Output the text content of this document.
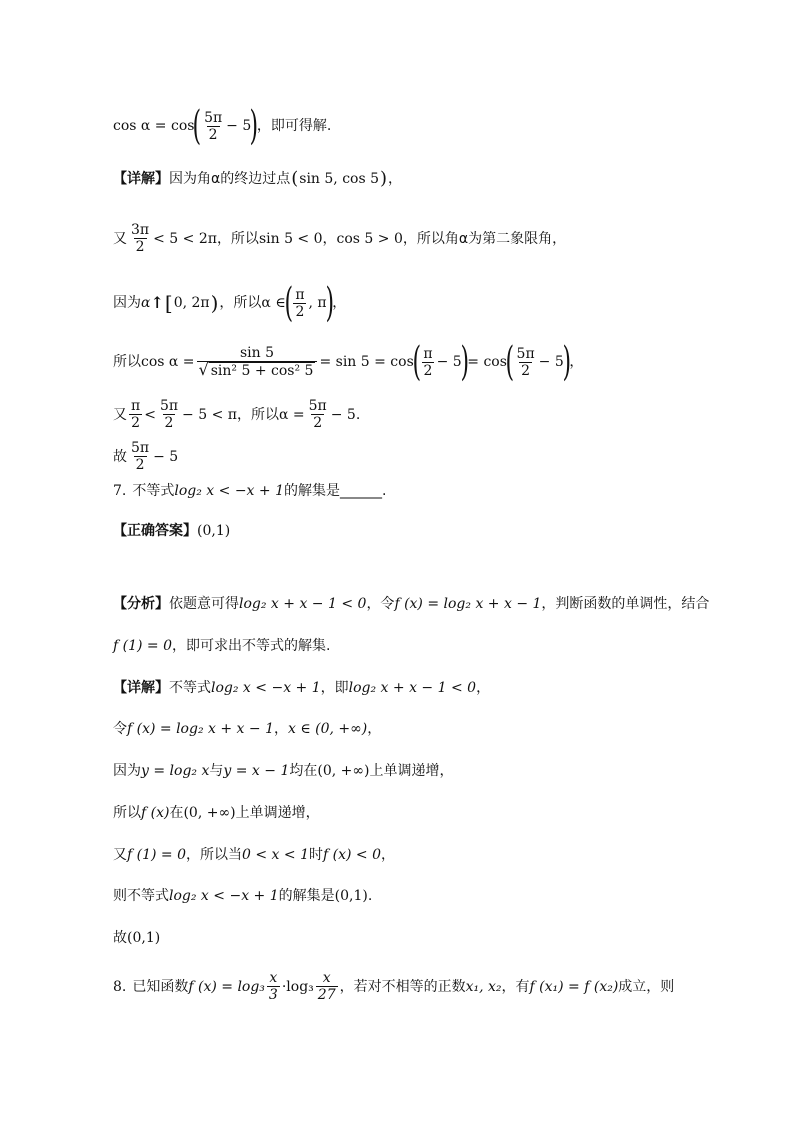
cos α = cos
( $\frac{5\pi}{2} - 5$
)
，即可得解.
【详解】 因为角α的终边过点 ( sin 5, cos 5 ) ，
又 $\frac{3\pi}{2} < 5 < 2\pi$ ，所以 sin 5 < 0 ， cos 5 > 0 ，所以角α为第二象限角，
因为 α ↑ [ 0, 2π ) ，所以 α ∈
( $\frac{\pi}{2}$ , π
)
，
所以 $\cos \alpha = \frac{\sin 5}{\text{√ sin² 5 + cos² 5}} = \sin 5 = \cos$
( $\frac{\pi}{2} - 5$
)
= cos
( $\frac{5\pi}{2} - 5$
)
，
又 $\frac{\pi}{2} < \frac{5\pi}{2} - 5 < \pi$ ，所以 $\alpha = \frac{5\pi}{2} - 5$ .
故 $\frac{5\pi}{2} - 5$
7. 不等式 log₂ x < −x + 1 的解集是______.
【正确答案】 (0,1)
【分析】 依题意可得 log₂ x + x − 1 < 0 ，令 f (x) = log₂ x + x − 1 ，判断函数的单调性，结合
f (1) = 0 ，即可求出不等式的解集.
【详解】 不等式 log₂ x < −x + 1 ，即 log₂ x + x − 1 < 0 ，
令 f (x) = log₂ x + x − 1 ， x ∈ (0, +∞) ，
因为 y = log₂ x 与 y = x − 1 均在 (0, +∞) 上单调递增，
所以 f (x) 在 (0, +∞) 上单调递增，
又 f (1) = 0 ，所以当 0 < x < 1 时 f (x) < 0 ，
则不等式 log₂ x < −x + 1 的解集是 (0,1) .
故 (0,1)
8. 已知函数 f $(x) = \log_3 \frac{x}{3} \cdot\log_3 \frac{x}{27}$ ，若对不相等的正数 x₁, x₂ ，有 f (x₁) = f (x₂) 成立，则
